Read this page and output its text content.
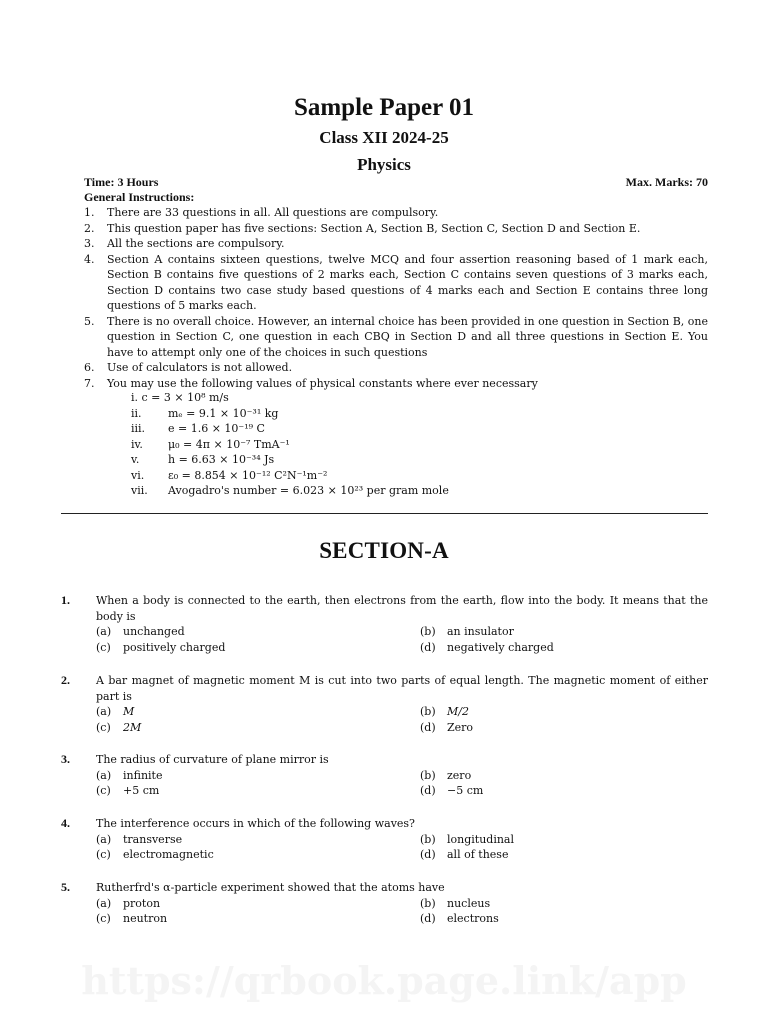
Sample Paper 01
Class XII 2024-25
Physics
Time: 3 Hours	Max. Marks: 70
General Instructions:
1. There are 33 questions in all. All questions are compulsory.
2. This question paper has five sections: Section A, Section B, Section C, Section D and Section E.
3. All the sections are compulsory.
4. Section A contains sixteen questions, twelve MCQ and four assertion reasoning based of 1 mark each, Section B contains five questions of 2 marks each, Section C contains seven questions of 3 marks each, Section D contains two case study based questions of 4 marks each and Section E contains three long questions of 5 marks each.
5. There is no overall choice. However, an internal choice has been provided in one question in Section B, one question in Section C, one question in each CBQ in Section D and all three questions in Section E. You have to attempt only one of the choices in such questions
6. Use of calculators is not allowed.
7. You may use the following values of physical constants where ever necessary
i. c = 3 × 10⁸ m/s
ii. mₑ = 9.1 × 10⁻³¹ kg
iii. e = 1.6 × 10⁻¹⁹ C
iv. μ₀ = 4π × 10⁻⁷ TmA⁻¹
v.	h = 6.63 × 10⁻³⁴ Js
vi. ε₀ = 8.854 × 10⁻¹² C²N⁻¹m⁻²
vii. Avogadro's number = 6.023 × 10²³ per gram mole
SECTION-A
1. When a body is connected to the earth, then electrons from the earth, flow into the body. It means that the body is
(a) unchanged	(b) an insulator
(c) positively charged	(d) negatively charged
2. A bar magnet of magnetic moment M is cut into two parts of equal length. The magnetic moment of either part is
(a) M	(b) M/2
(c) 2M	(d) Zero
3. The radius of curvature of plane mirror is
(a) infinite	(b) zero
(c) +5 cm	(d) −5 cm
4. The interference occurs in which of the following waves?
(a) transverse	(b) longitudinal
(c) electromagnetic	(d) all of these
5. Rutherfrd's α-particle experiment showed that the atoms have
(a) proton	(b) nucleus
(c) neutron	(d) electrons
https://qrbook.page.link/app
